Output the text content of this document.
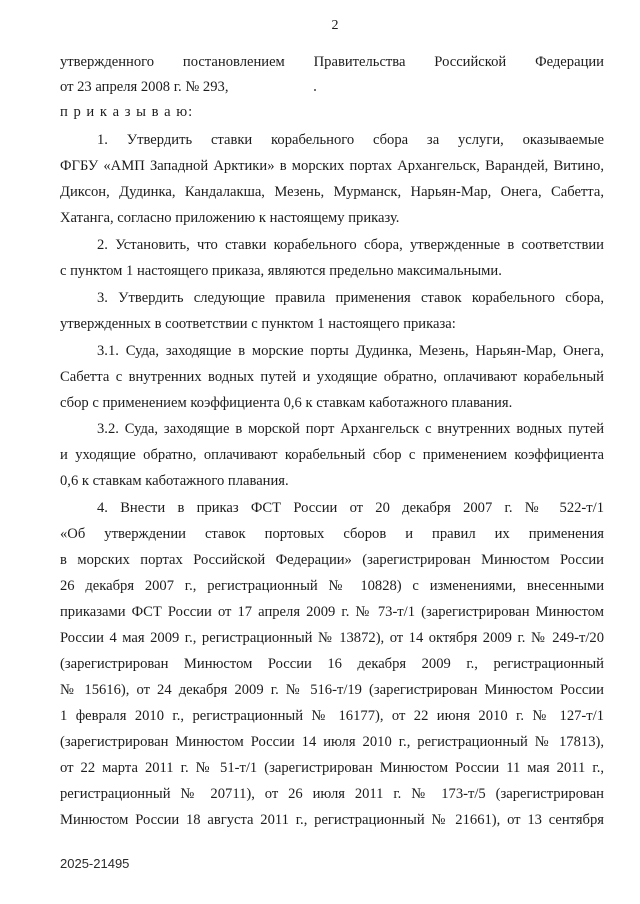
2
утвержденного постановлением Правительства Российской Федерации
от 23 апреля 2008 г. № 293,
п р и к а з ы в а ю:
1. Утвердить ставки корабельного сбора за услуги, оказываемые
ФГБУ «АМП Западной Арктики» в морских портах Архангельск, Варандей, Витино,
Диксон, Дудинка, Кандалакша, Мезень, Мурманск, Нарьян-Мар, Онега, Сабетта,
Хатанга, согласно приложению к настоящему приказу.
2. Установить, что ставки корабельного сбора, утвержденные в соответствии
с пунктом 1 настоящего приказа, являются предельно максимальными.
3. Утвердить следующие правила применения ставок корабельного сбора,
утвержденных в соответствии с пунктом 1 настоящего приказа:
3.1. Суда, заходящие в морские порты Дудинка, Мезень, Нарьян-Мар, Онега,
Сабетта с внутренних водных путей и уходящие обратно, оплачивают корабельный
сбор с применением коэффициента 0,6 к ставкам каботажного плавания.
3.2. Суда, заходящие в морской порт Архангельск с внутренних водных путей
и уходящие обратно, оплачивают корабельный сбор с применением коэффициента
0,6 к ставкам каботажного плавания.
4. Внести в приказ ФСТ России от 20 декабря 2007 г. № 522-т/1
«Об утверждении ставок портовых сборов и правил их применения
в морских портах Российской Федерации» (зарегистрирован Минюстом России
26 декабря 2007 г., регистрационный № 10828) с изменениями, внесенными
приказами ФСТ России от 17 апреля 2009 г. № 73-т/1 (зарегистрирован Минюстом
России 4 мая 2009 г., регистрационный № 13872), от 14 октября 2009 г. № 249-т/20
(зарегистрирован Минюстом России 16 декабря 2009 г., регистрационный
№ 15616), от 24 декабря 2009 г. № 516-т/19 (зарегистрирован Минюстом России
1 февраля 2010 г., регистрационный № 16177), от 22 июня 2010 г. № 127-т/1
(зарегистрирован Минюстом России 14 июля 2010 г., регистрационный № 17813),
от 22 марта 2011 г. № 51-т/1 (зарегистрирован Минюстом России 11 мая 2011 г.,
регистрационный № 20711), от 26 июля 2011 г. № 173-т/5 (зарегистрирован
Минюстом России 18 августа 2011 г., регистрационный № 21661), от 13 сентября
2025-21495
